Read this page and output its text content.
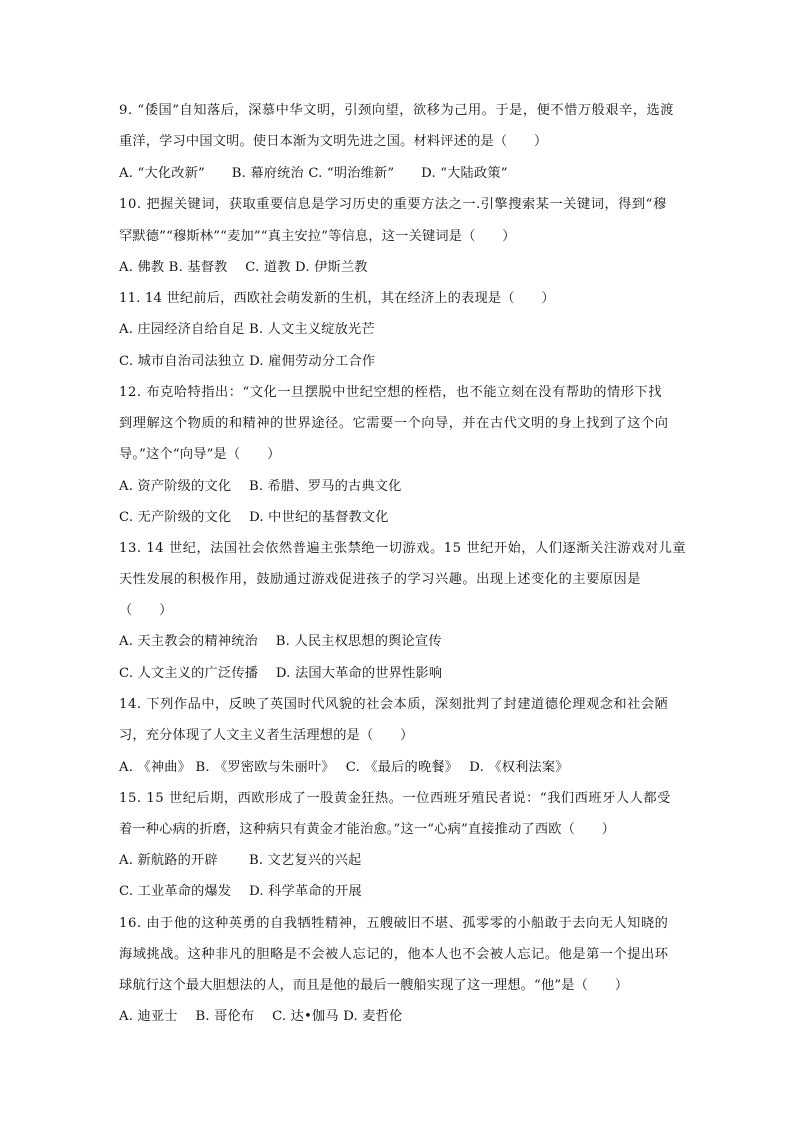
9. “倭国”自知落后，深慕中华文明，引颈向望，欲移为己用。于是，便不惜万般艰辛，选渡
重洋，学习中国文明。使日本渐为文明先进之国。材料评述的是（　　）
A. “大化改新”　　B. 幕府统治 C. “明治维新”　　D. “大陆政策”
10. 把握关键词，获取重要信息是学习历史的重要方法之一.引擎搜索某一关键词，得到“穆
罕默德”“穆斯林”“麦加”“真主安拉”等信息，这一关键词是（　　）
A. 佛教 B. 基督教　 C. 道教 D. 伊斯兰教
11. 14 世纪前后，西欧社会萌发新的生机，其在经济上的表现是（　　）
A. 庄园经济自给自足 B. 人文主义绽放光芒
C. 城市自治司法独立 D. 雇佣劳动分工合作
12. 布克哈特指出：“文化一旦摆脱中世纪空想的桎梏，也不能立刻在没有帮助的情形下找
到理解这个物质的和精神的世界途径。它需要一个向导，并在古代文明的身上找到了这个向
导。”这个“向导”是（　　）
A. 资产阶级的文化　 B. 希腊、罗马的古典文化
C. 无产阶级的文化　 D. 中世纪的基督教文化
13. 14 世纪，法国社会依然普遍主张禁绝一切游戏。15 世纪开始，人们逐渐关注游戏对儿童
天性发展的积极作用，鼓励通过游戏促进孩子的学习兴趣。出现上述变化的主要原因是
（　　）
A. 天主教会的精神统治　 B. 人民主权思想的舆论宣传
C. 人文主义的广泛传播　 D. 法国大革命的世界性影响
14. 下列作品中，反映了英国时代风貌的社会本质，深刻批判了封建道德伦理观念和社会陋
习，充分体现了人文主义者生活理想的是（　　）
A. 《神曲》 B. 《罗密欧与朱丽叶》　 C. 《最后的晚餐》　 D. 《权利法案》
15. 15 世纪后期，西欧形成了一股黄金狂热。一位西班牙殖民者说：“我们西班牙人人都受
着一种心病的折磨，这种病只有黄金才能治愈。”这一“心病”直接推动了西欧（　　）
A. 新航路的开辟　　 B. 文艺复兴的兴起
C. 工业革命的爆发　 D. 科学革命的开展
16. 由于他的这种英勇的自我牺牲精神，五艘破旧不堪、孤零零的小船敢于去向无人知晓的
海域挑战。这种非凡的胆略是不会被人忘记的，他本人也不会被人忘记。他是第一个提出环
球航行这个最大胆想法的人，而且是他的最后一艘船实现了这一理想。“他”是（　　）
A. 迪亚士　 B. 哥伦布　 C. 达•伽马 D. 麦哲伦
